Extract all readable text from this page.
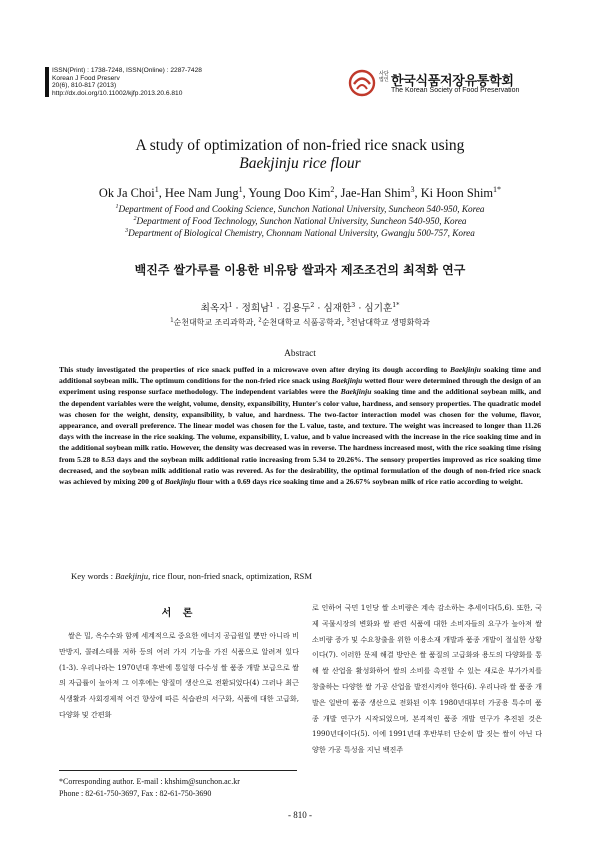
ISSN(Print) : 1738-7248, ISSN(Online) : 2287-7428
Korean J Food Preserv
20(6), 810-817 (2013)
http://dx.doi.org/10.11002/kjfp.2013.20.6.810
사단 법인 한국식품저장유통학회
The Korean Society of Food Preservation
A study of optimization of non-fried rice snack using
Baekjinju rice flour
Ok Ja Choi$^1$, Hee Nam Jung$^1$, Young Doo Kim$^2$, Jae-Han Shim$^3$, Ki Hoon Shim$^{1*}$
$^1$Department of Food and Cooking Science, Sunchon National University, Suncheon 540-950, Korea
$^2$Department of Food Technology, Sunchon National University, Suncheon 540-950, Korea
$^3$Department of Biological Chemistry, Chonnam National University, Gwangju 500-757, Korea
백진주 쌀가루를 이용한 비유탕 쌀과자 제조조건의 최적화 연구
최옥자$^1$ · 정희남$^1$ · 김용두$^2$ · 심재한$^3$ · 심기훈$^{1*}$
$^1$순천대학교 조리과학과, $^2$순천대학교 식품공학과, $^3$전남대학교 생명화학과
Abstract
This study investigated the properties of rice snack puffed in a microwave oven after drying its dough according to Baekjinju soaking time and additional soybean milk. The optimum conditions for the non-fried rice snack using Baekjinju wetted flour were determined through the design of an experiment using response surface methodology. The independent variables were the Baekjinju soaking time and the additional soybean milk, and the dependent variables were the weight, volume, density, expansibility, Hunter's color value, hardness, and sensory properties. The quadratic model was chosen for the weight, density, expansibility, b value, and hardness. The two-factor interaction model was chosen for the volume, flavor, appearance, and overall preference. The linear model was chosen for the L value, taste, and texture. The weight was increased to longer than 11.26 days with the increase in the rice soaking. The volume, expansibility, L value, and b value increased with the increase in the rice soaking time and in the additional soybean milk ratio. However, the density was decreased was in reverse. The hardness increased most, with the rice soaking time rising from 5.28 to 8.53 days and the soybean milk additional ratio increasing from 5.34 to 20.26%. The sensory properties improved as rice soaking time decreased, and the soybean milk additional ratio was revered. As for the desirability, the optimal formulation of the dough of non-fried rice snack was achieved by mixing 200 g of Baekjinju flour with a 0.69 days rice soaking time and a 26.67% soybean milk of rice ratio according to weight.
Key words : Baekjinju, rice flour, non-fried snack, optimization, RSM
서 론
쌀은 밀, 옥수수와 함께 세계적으로 중요한 에너지 공급원일 뿐만 아니라 비만방지, 콜레스테롤 저하 등의 여러 가지 기능을 가진 식품으로 알려져 있다(1-3). 우리나라는 1970년대 후반에 통일형 다수성 쌀 품종 개발 보급으로 쌀의 자급률이 높아져 그 이후에는 양질미 생산으로 전환되었다(4) 그러나 최근 식생활과 사회경제적 여건 향상에 따른 식습관의 서구화, 식품에 대한 고급화, 다양화 및 간편화
로 인하여 국민 1인당 쌀 소비량은 계속 감소하는 추세이다(5,6). 또한, 국제 곡물시장의 변화와 쌀 관련 식품에 대한 소비자들의 요구가 높아져 쌀 소비량 증가 및 수요창출을 위한 이용소재 개발과 품종 개발이 절실한 상황이다(7). 이러한 문제 해결 방안은 쌀 품질의 고급화와 용도의 다양화를 통해 쌀 산업을 활성화하여 쌀의 소비를 촉진할 수 있는 새로운 부가가치를 창출하는 다양한 쌀 가공 산업을 발전시켜야 한다(6). 우리나라 쌀 품종 개발은 일반미 품종 생산으로 전화된 이후 1980년대부터 가공용 특수미 품종 개발 연구가 시작되었으며, 본격적인 품종 개발 연구가 추진된 것은 1990년대이다(5). 이에 1991년대 후반부터 단순히 밥 짓는 쌀이 아닌 다양한 가공 특성을 지닌 백진주
*Corresponding author. E-mail : khshim@sunchon.ac.kr
Phone : 82-61-750-3697, Fax : 82-61-750-3690
- 810 -
